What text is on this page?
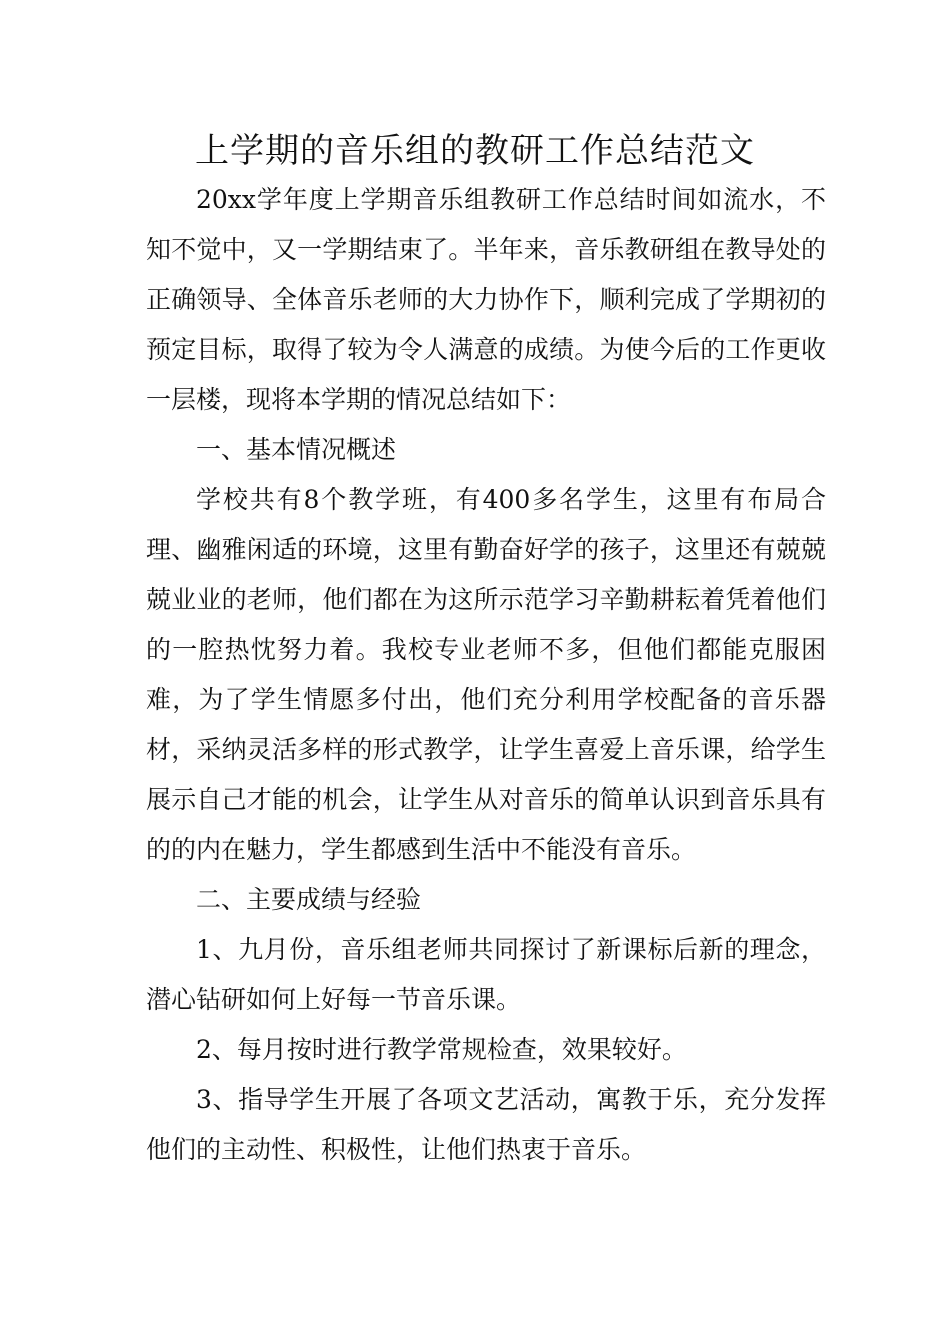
上学期的音乐组的教研工作总结范文

20xx学年度上学期音乐组教研工作总结时间如流水，不知不觉中，又一学期结束了。半年来，音乐教研组在教导处的正确领导、全体音乐老师的大力协作下，顺利完成了学期初的预定目标，取得了较为令人满意的成绩。为使今后的工作更收一层楼，现将本学期的情况总结如下：

一、基本情况概述

学校共有8个教学班，有400多名学生，这里有布局合理、幽雅闲适的环境，这里有勤奋好学的孩子，这里还有兢兢兢业业的老师，他们都在为这所示范学习辛勤耕耘着凭着他们的一腔热忱努力着。我校专业老师不多，但他们都能克服困难，为了学生情愿多付出，他们充分利用学校配备的音乐器材，采纳灵活多样的形式教学，让学生喜爱上音乐课，给学生展示自己才能的机会，让学生从对音乐的简单认识到音乐具有的的内在魅力，学生都感到生活中不能没有音乐。

二、主要成绩与经验

1、九月份，音乐组老师共同探讨了新课标后新的理念，潜心钻研如何上好每一节音乐课。

2、每月按时进行教学常规检查，效果较好。

3、指导学生开展了各项文艺活动，寓教于乐，充分发挥他们的主动性、积极性，让他们热衷于音乐。
